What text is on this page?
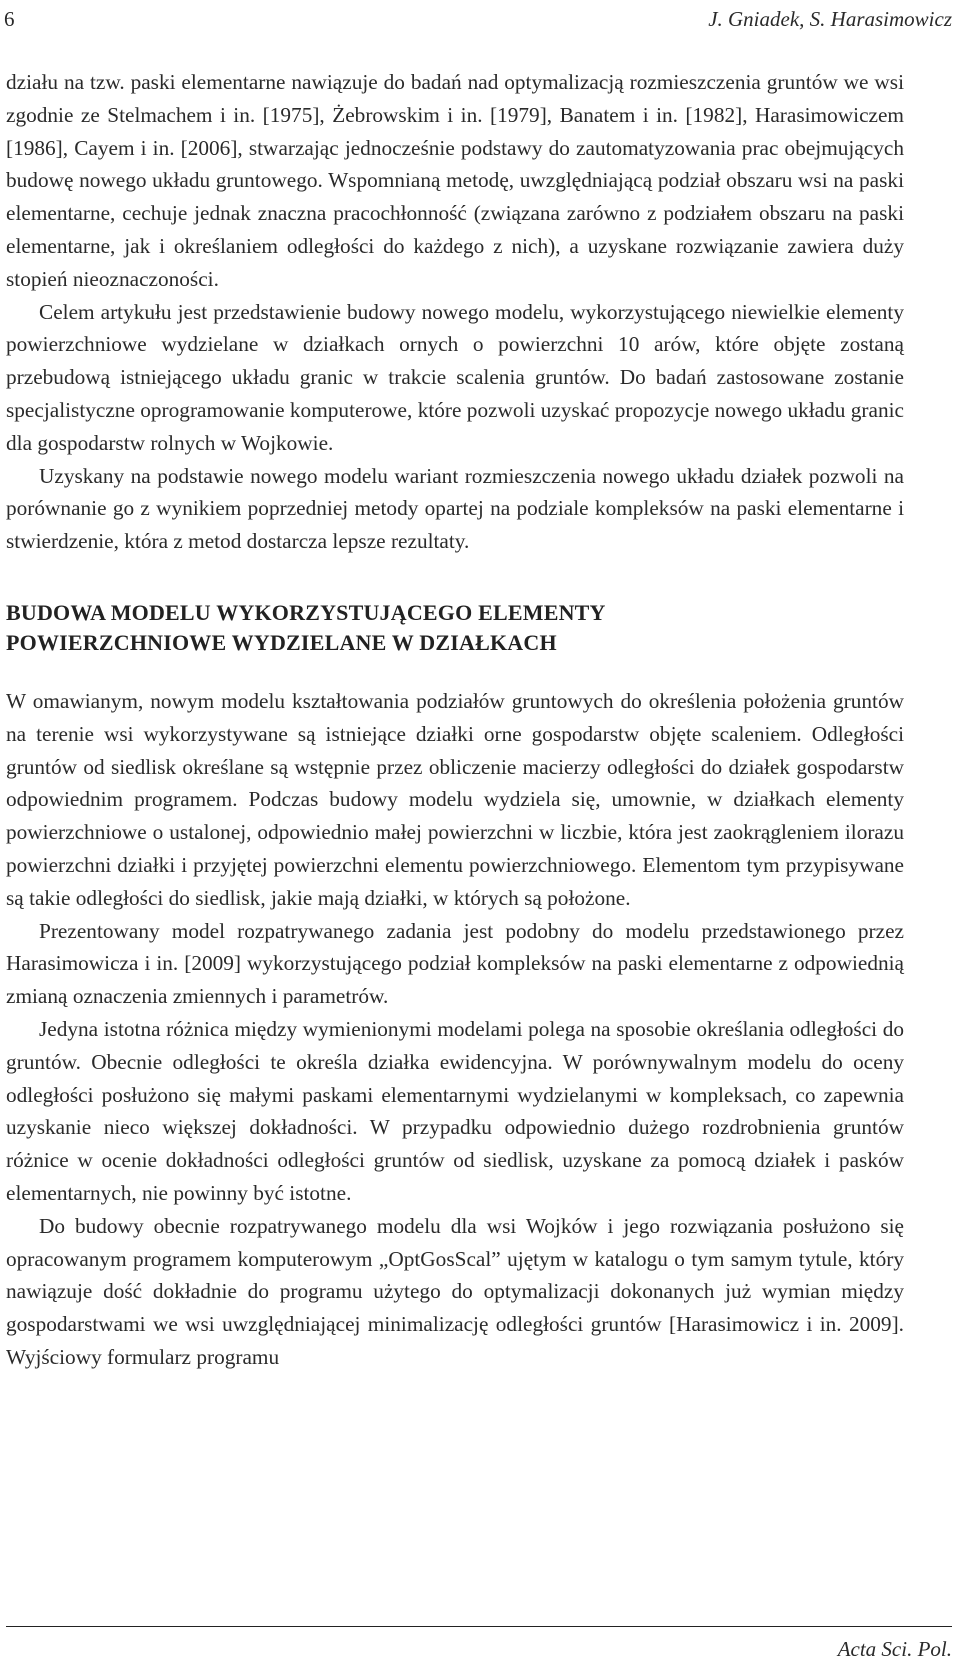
6	J. Gniadek, S. Harasimowicz

działu na tzw. paski elementarne nawiązuje do badań nad optymalizacją rozmieszczenia gruntów we wsi zgodnie ze Stelmachem i in. [1975], Żebrowskim i in. [1979], Banatem i in. [1982], Harasimowiczem [1986], Cayem i in. [2006], stwarzając jednocześnie podstawy do zautomatyzowania prac obejmujących budowę nowego układu gruntowego. Wspomnianą metodę, uwzględniającą podział obszaru wsi na paski elementarne, cechuje jednak znaczna pracochłonność (związana zarówno z podziałem obszaru na paski elementarne, jak i określaniem odległości do każdego z nich), a uzyskane rozwiązanie zawiera duży stopień nieoznaczoności.

Celem artykułu jest przedstawienie budowy nowego modelu, wykorzystującego niewielkie elementy powierzchniowe wydzielane w działkach ornych o powierzchni 10 arów, które objęte zostaną przebudową istniejącego układu granic w trakcie scalenia gruntów. Do badań zastosowane zostanie specjalistyczne oprogramowanie komputerowe, które pozwoli uzyskać propozycje nowego układu granic dla gospodarstw rolnych w Wojkowie.

Uzyskany na podstawie nowego modelu wariant rozmieszczenia nowego układu działek pozwoli na porównanie go z wynikiem poprzedniej metody opartej na podziale kompleksów na paski elementarne i stwierdzenie, która z metod dostarcza lepsze rezultaty.

BUDOWA MODELU WYKORZYSTUJĄCEGO ELEMENTY
POWIERZCHNIOWE WYDZIELANE W DZIAŁKACH

W omawianym, nowym modelu kształtowania podziałów gruntowych do określenia położenia gruntów na terenie wsi wykorzystywane są istniejące działki orne gospodarstw objęte scaleniem. Odległości gruntów od siedlisk określane są wstępnie przez obliczenie macierzy odległości do działek gospodarstw odpowiednim programem. Podczas budowy modelu wydziela się, umownie, w działkach elementy powierzchniowe o ustalonej, odpowiednio małej powierzchni w liczbie, która jest zaokrągleniem ilorazu powierzchni działki i przyjętej powierzchni elementu powierzchniowego. Elementom tym przypisywane są takie odległości do siedlisk, jakie mają działki, w których są położone.

Prezentowany model rozpatrywanego zadania jest podobny do modelu przedstawionego przez Harasimowicza i in. [2009] wykorzystującego podział kompleksów na paski elementarne z odpowiednią zmianą oznaczenia zmiennych i parametrów.

Jedyna istotna różnica między wymienionymi modelami polega na sposobie określania odległości do gruntów. Obecnie odległości te określa działka ewidencyjna. W porównywalnym modelu do oceny odległości posłużono się małymi paskami elementarnymi wydzielanymi w kompleksach, co zapewnia uzyskanie nieco większej dokładności. W przypadku odpowiednio dużego rozdrobnienia gruntów różnice w ocenie dokładności odległości gruntów od siedlisk, uzyskane za pomocą działek i pasków elementarnych, nie powinny być istotne.

Do budowy obecnie rozpatrywanego modelu dla wsi Wojków i jego rozwiązania posłużono się opracowanym programem komputerowym „OptGosScal” ujętym w katalogu o tym samym tytule, który nawiązuje dość dokładnie do programu użytego do optymalizacji dokonanych już wymian między gospodarstwami we wsi uwzględniającej minimalizację odległości gruntów [Harasimowicz i in. 2009]. Wyjściowy formularz programu

Acta Sci. Pol.
